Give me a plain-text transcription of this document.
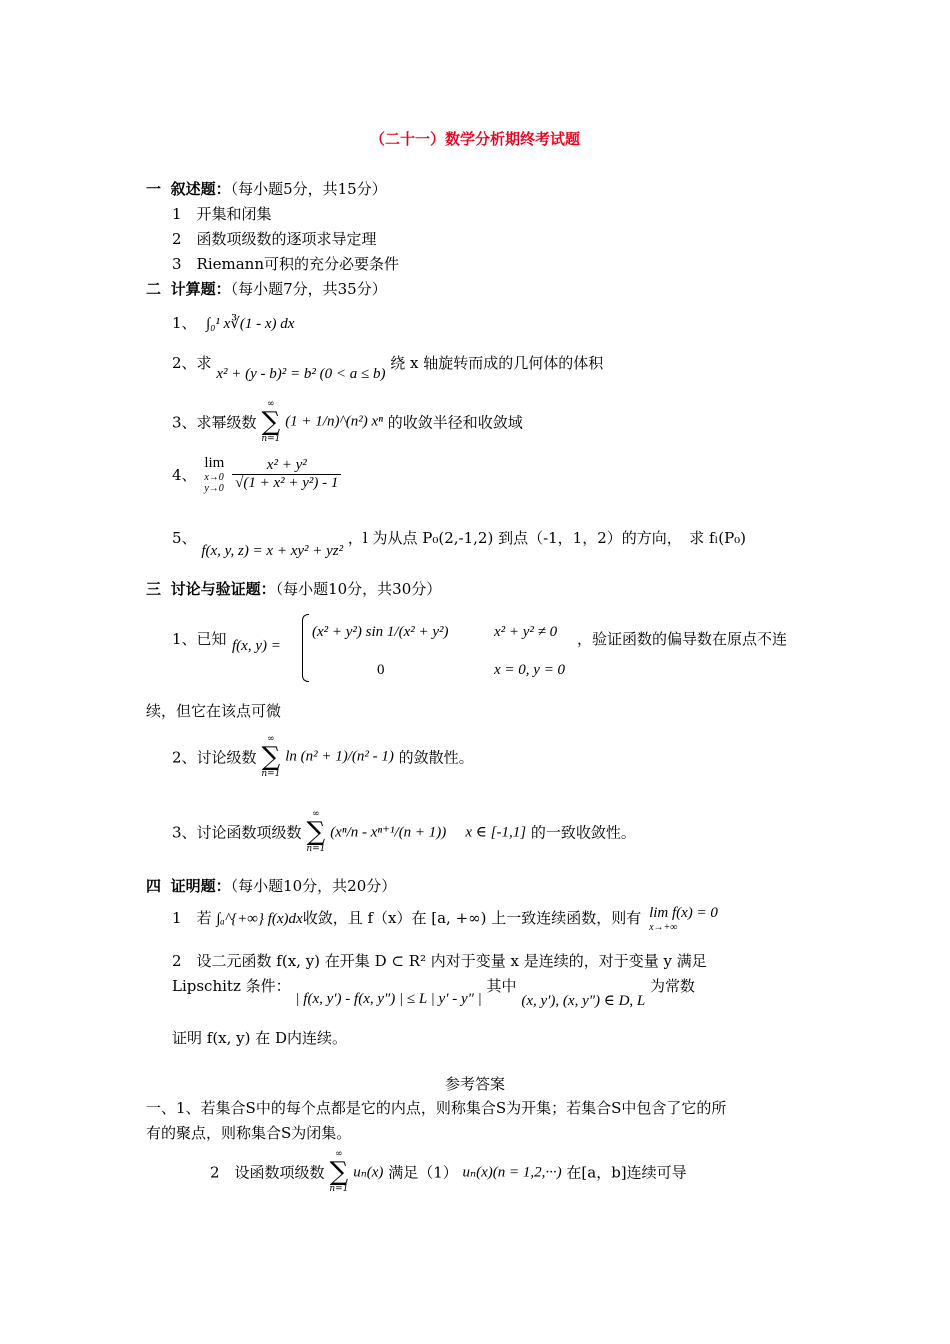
（二十一）数学分析期终考试题
一 叙述题：（每小题5分，共15分）
1　开集和闭集
2　函数项级数的逐项求导定理
3　Riemann可积的充分必要条件
二 计算题：（每小题7分，共35分）
1、 ∫₀¹ x∛(1 - x) dx
2、求 x² + (y - b)² = b² (0 < a ≤ b) 绕 x 轴旋转而成的几何体的体积
3、求幂级数
∞
∑
n=1
(1 + 1/n)^(n²) xⁿ 的收敛半径和收敛域
4、
lim
x→0
y→0
$\frac{\text{x² + y²}}{\text{√(1 + x² + y²) - 1}}$
5、 f(x, y, z) = x + xy² + yz² ，l 为从点 P₀(2,-1,2) 到点（-1，1，2）的方向，　求 fₗ(P₀)
三 讨论与验证题：（每小题10分，共30分）
1、已知 f(x, y) =
(x² + y²) sin 1/(x² + y²)	x² + y² ≠ 0
0	x = 0, y = 0
，验证函数的偏导数在原点不连
续，但它在该点可微
2、讨论级数
∞
∑
n=1
ln (n² + 1)/(n² - 1) 的敛散性。
3、讨论函数项级数
∞
∑
n=1
(xⁿ/n - xⁿ⁺¹/(n + 1)) x ∈ [-1,1] 的一致收敛性。
四 证明题：（每小题10分，共20分）
1　若 ∫ₐ^{+∞} f(x)dx收敛，且 f（x）在 [a, +∞) 上一致连续函数，则有 lim f(x) = 0
x→+∞
2　设二元函数 f(x, y) 在开集 D ⊂ R² 内对于变量 x 是连续的，对于变量 y 满足
Lipschitz 条件： | f(x, y′) - f(x, y″) | ≤ L | y′ - y″ | 其中 (x, y′), (x, y″) ∈ D, L 为常数
证明 f(x, y) 在 D内连续。
参考答案
一、1、若集合S中的每个点都是它的内点，则称集合S为开集；若集合S中包含了它的所
有的聚点，则称集合S为闭集。
2　设函数项级数
∞
∑
n=1
uₙ(x) 满足（1） uₙ(x)(n = 1,2,···) 在[a，b]连续可导
